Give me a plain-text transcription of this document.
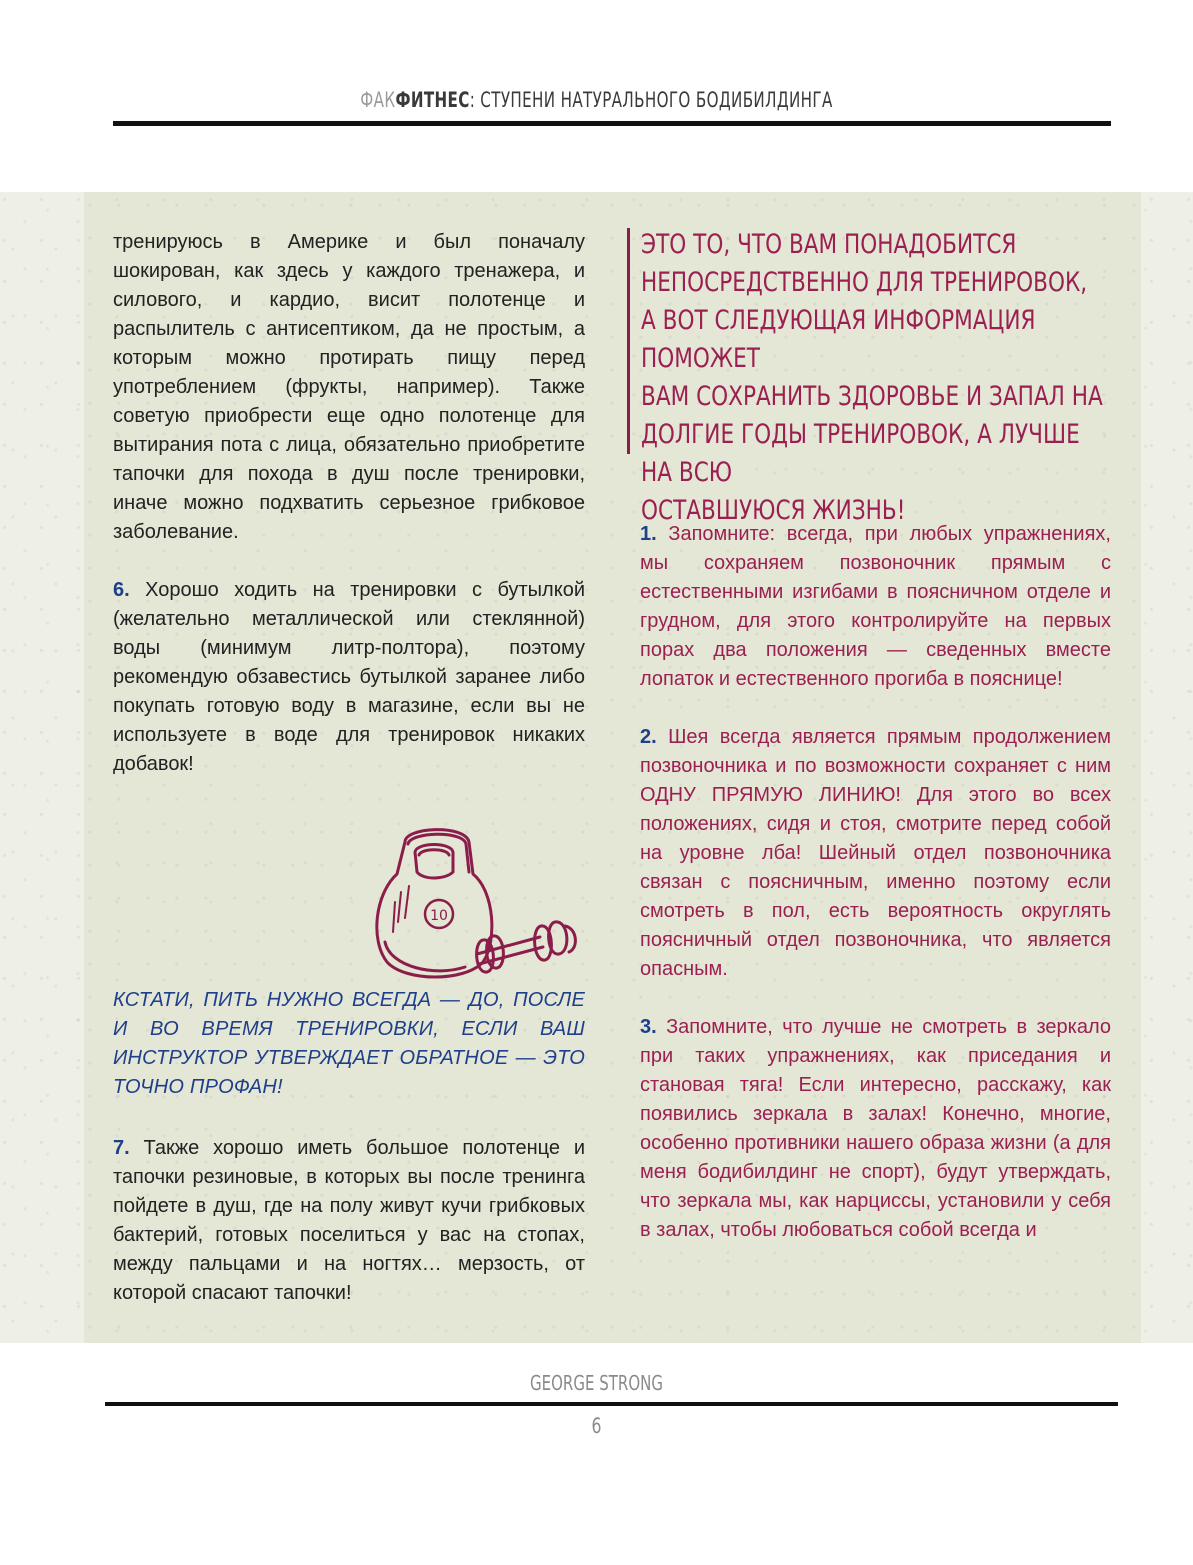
ФАКФИТНЕС: СТУПЕНИ НАТУРАЛЬНОГО БОДИБИЛДИНГА

тренируюсь в Америке и был поначалу шокирован, как здесь у каждого тренажера, и силового, и кардио, висит полотенце и распылитель с антисептиком, да не простым, а которым можно протирать пищу перед употреблением (фрукты, например). Также советую приобрести еще одно полотенце для вытирания пота с лица, обязательно приобретите тапочки для похода в душ после тренировки, иначе можно подхватить серьезное грибковое заболевание.

6. Хорошо ходить на тренировки с бутылкой (желательно металлической или стеклянной) воды (минимум литр-полтора), поэтому рекомендую обзавестись бутылкой заранее либо покупать готовую воду в магазине, если вы не используете в воде для тренировок никаких добавок!

10
КСТАТИ, ПИТЬ НУЖНО ВСЕГДА — ДО, ПОСЛЕ И ВО ВРЕМЯ ТРЕНИРОВКИ, ЕСЛИ ВАШ ИНСТРУКТОР УТВЕРЖДАЕТ ОБРАТНОЕ — ЭТО ТОЧНО ПРОФАН!

7. Также хорошо иметь большое полотенце и тапочки резиновые, в которых вы после тренинга пойдете в душ, где на полу живут кучи грибковых бактерий, готовых поселиться у вас на стопах, между пальцами и на ногтях… мерзость, от которой спасают тапочки!

ЭТО ТО, ЧТО ВАМ ПОНАДОБИТСЯ

НЕПОСРЕДСТВЕННО ДЛЯ ТРЕНИРОВОК,

А ВОТ СЛЕДУЮЩАЯ ИНФОРМАЦИЯ ПОМОЖЕТ

ВАМ СОХРАНИТЬ ЗДОРОВЬЕ И ЗАПАЛ НА

ДОЛГИЕ ГОДЫ ТРЕНИРОВОК, А ЛУЧШЕ НА ВСЮ

ОСТАВШУЮСЯ ЖИЗНЬ!

1. Запомните: всегда, при любых упражнениях, мы сохраняем позвоночник прямым с естественными изгибами в поясничном отделе и грудном, для этого контролируйте на первых порах два положения — сведенных вместе лопаток и естественного прогиба в пояснице!

2. Шея всегда является прямым продолжением позвоночника и по возможности сохраняет с ним ОДНУ ПРЯМУЮ ЛИНИЮ! Для этого во всех положениях, сидя и стоя, смотрите перед собой на уровне лба! Шейный отдел позвоночника связан с поясничным, именно поэтому если смотреть в пол, есть вероятность округлять поясничный отдел позвоночника, что является опасным.

3. Запомните, что лучше не смотреть в зеркало при таких упражнениях, как приседания и становая тяга! Если интересно, расскажу, как появились зеркала в залах! Конечно, многие, особенно противники нашего образа жизни (а для меня бодибилдинг не спорт), будут утверждать, что зеркала мы, как нарциссы, установили у себя в залах, чтобы любоваться собой всегда и

GEORGE STRONG
6
